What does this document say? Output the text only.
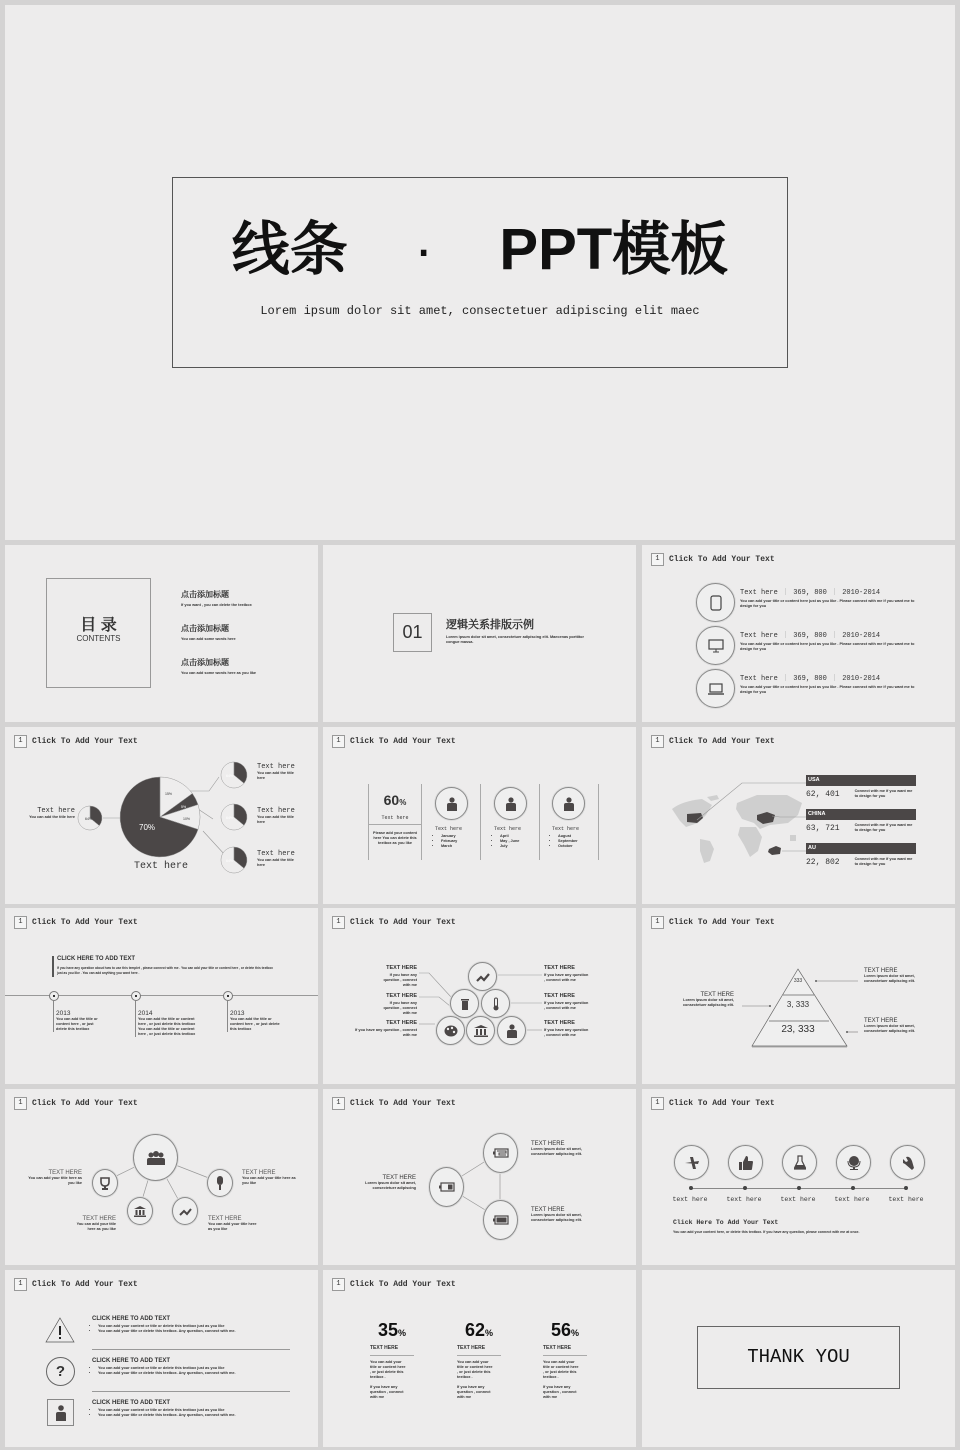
线条 · PPT模板
Lorem ipsum dolor sit amet, consectetuer adipiscing elit maec
目 录
CONTENTS
点击添加标题
If you want , you can delete the textbox
点击添加标题
You can add some words here
点击添加标题
You can add some words here as you like
01	逻辑关系排版示例
Lorem ipsum dolor sit amet, consectetuer adipiscing elit. Maecenas porttitor congue massa.
1	Click To Add Your Text
Text here ｜ 369, 800 ｜ 2010-2014
You can add your title or content here just as you like . Please connect with me if you want me to design for you
Text here ｜ 369, 800 ｜ 2010-2014
You can add your title or content here just as you like . Please connect with me if you want me to design for you
Text here ｜ 369, 800 ｜ 2010-2014
You can add your title or content here just as you like . Please connect with me if you want me to design for you
1	Click To Add Your Text
15%
5%
10%
70%
64%
64%
64%
64%
Text here
Text here
You can add the title here
Text here
You can add the title here
Text here
You can add the title here
Text here
You can add the title here
1	Click To Add Your Text
60%
Text here
Please add your content here You can delete this textbox as you like
Text here
• January
• February
• March
Text here
• April
• May , June
• July
Text here
• August
• September
• October
1	Click To Add Your Text
USA
62, 401	Connect with me if you want me to design for you
CHINA
63, 721	Connect with me if you want me to design for you
AU
22, 802	Connect with me if you want me to design for you
1	Click To Add Your Text
CLICK HERE TO ADD TEXT
If you have any question about how to use this templet , please connect with me . You can add your title or content here , or delete this textbox just as you like . You can add anything you want here .
2013
You can add the title or content here , or just delete this textbox
2014
You can add the title or content here , or just delete this textbox You can add the title or content here , or just delete this textbox
2013
You can add the title or content here , or just delete this textbox
1	Click To Add Your Text
TEXT HERE
If you have any question , connect with me
TEXT HERE
If you have any question , connect with me
TEXT HERE
If you have any question , connect with me
TEXT HERE
If you have any question , connect with me
TEXT HERE
If you have any question , connect with me
TEXT HERE
If you have any question , connect with me
1	Click To Add Your Text
333
3, 333
23, 333
TEXT HERE
Lorem ipsum dolor sit amet, consectetuer adipiscing elit.
TEXT HERE
Lorem ipsum dolor sit amet, consectetuer adipiscing elit.
TEXT HERE
Lorem ipsum dolor sit amet, consectetuer adipiscing elit.
1	Click To Add Your Text
TEXT HERE
You can add your title here as you like
TEXT HERE
You can add your title here as you like
TEXT HERE
You can add your title here as you like
TEXT HERE
You can add your title here as you like
1	Click To Add Your Text
TEXT HERE
Lorem ipsum dolor sit amet, consectetuer adipiscing
TEXT HERE
Lorem ipsum dolor sit amet, consectetuer adipiscing elit.
TEXT HERE
Lorem ipsum dolor sit amet, consectetuer adipiscing elit.
1	Click To Add Your Text
text here	text here	text here	text here	text here
Click Here To Add Your Text
You can add your content here, or delete this textbox. If you have any question, please connect with me at once.
1	Click To Add Your Text
?
CLICK HERE TO ADD TEXT
• You can add your content or title or delete this textbox just as you like
• You can add your title or delete this textbox. Any question, connect with me.
CLICK HERE TO ADD TEXT
• You can add your content or title or delete this textbox just as you like
• You can add your title or delete this textbox. Any question, connect with me.
CLICK HERE TO ADD TEXT
• You can add your content or title or delete this textbox just as you like
• You can add your title or delete this textbox. Any question, connect with me.
1	Click To Add Your Text
35%
TEXT HERE
You can add your title or content here , or just delete this textbox .
If you have any question , connect with me
62%
TEXT HERE
You can add your title or content here , or just delete this textbox .
If you have any question , connect with me
56%
TEXT HERE
You can add your title or content here , or just delete this textbox .
If you have any question , connect with me
THANK YOU
